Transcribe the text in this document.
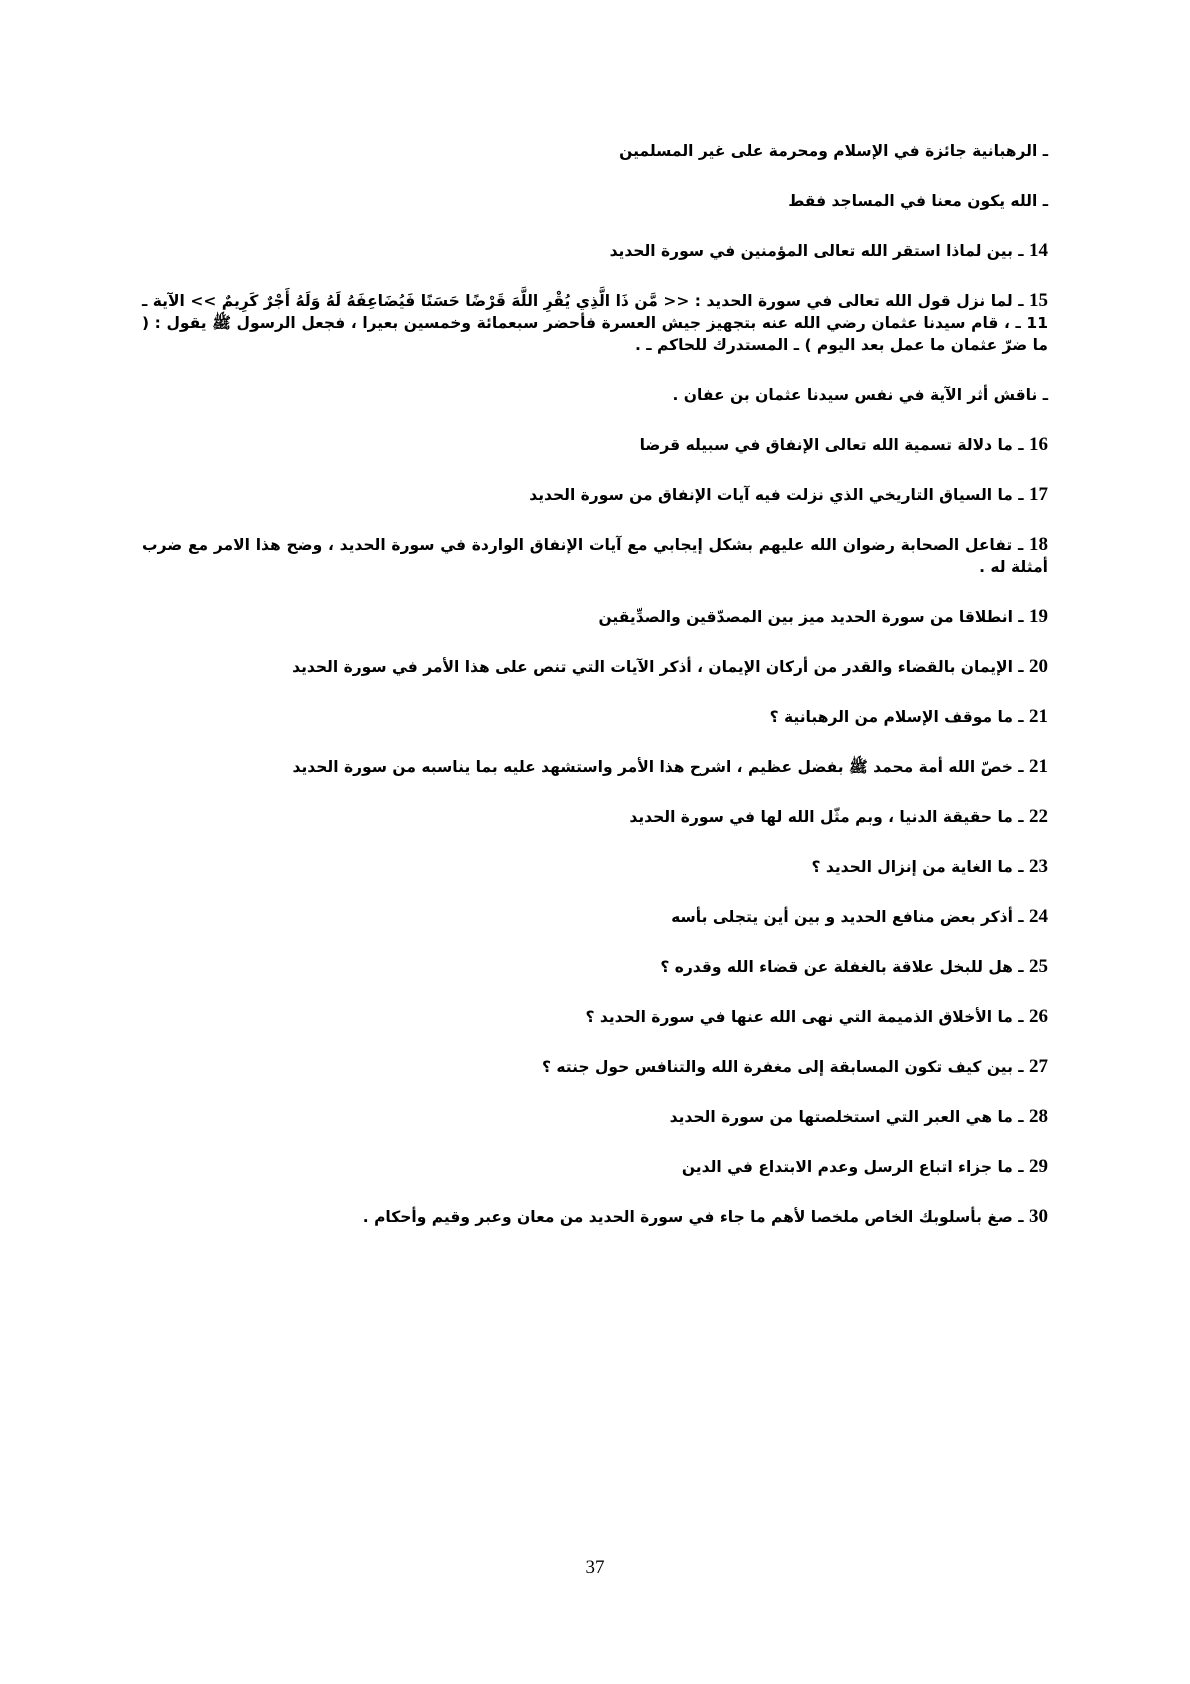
ـ الرهبانية جائزة في الإسلام ومحرمة على غير المسلمين

ـ الله يكون معنا في المساجد فقط

14 ـ بين لماذا استقر الله تعالى المؤمنين في سورة الحديد

15 ـ لما نزل قول الله تعالى في سورة الحديد : << مَّن ذَا الَّذِي يُقْرِ اللَّهَ قَرْضًا حَسَنًا فَيُضَاعِفَهُ لَهُ وَلَهُ أَجْرٌ كَرِيمٌ >> الآية ـ 11 ـ ، قام سيدنا عثمان رضي الله عنه بتجهيز جيش العسرة فأحضر سبعمائة وخمسين بعيرا ، فجعل الرسول ﷺ يقول : ( ما ضرّ عثمان ما عمل بعد اليوم ) ـ المستدرك للحاكم ـ .

ـ ناقش أثر الآية في نفس سيدنا عثمان بن عفان .

16 ـ ما دلالة تسمية الله تعالى الإنفاق في سبيله قرضا

17 ـ ما السياق التاريخي الذي نزلت فيه آيات الإنفاق من سورة الحديد

18 ـ تفاعل الصحابة رضوان الله عليهم بشكل إيجابي مع آيات الإنفاق الواردة في سورة الحديد ، وضح هذا الامر مع ضرب أمثلة له .

19 ـ انطلاقا من سورة الحديد ميز بين المصدّقين والصدِّيقين

20 ـ الإيمان بالقضاء والقدر من أركان الإيمان ، أذكر الآيات التي تنص على هذا الأمر في سورة الحديد

21 ـ ما موقف الإسلام من الرهبانية ؟

21 ـ خصّ الله أمة محمد ﷺ بفضل عظيم ، اشرح هذا الأمر واستشهد عليه بما يناسبه من سورة الحديد

22 ـ ما حقيقة الدنيا ، وبم مثّل الله لها في سورة الحديد

23 ـ ما الغاية من إنزال الحديد ؟

24 ـ أذكر بعض منافع الحديد و بين أين يتجلى بأسه

25 ـ هل للبخل علاقة بالغفلة عن قضاء الله وقدره ؟

26 ـ ما الأخلاق الذميمة التي نهى الله عنها في سورة الحديد ؟

27 ـ بين كيف تكون المسابقة إلى مغفرة الله والتنافس حول جنته ؟

28 ـ ما هي العبر التي استخلصتها من سورة الحديد

29 ـ ما جزاء اتباع الرسل وعدم الابتداع في الدين

30 ـ صغ بأسلوبك الخاص ملخصا لأهم ما جاء في سورة الحديد من معان وعبر وقيم وأحكام .

37
